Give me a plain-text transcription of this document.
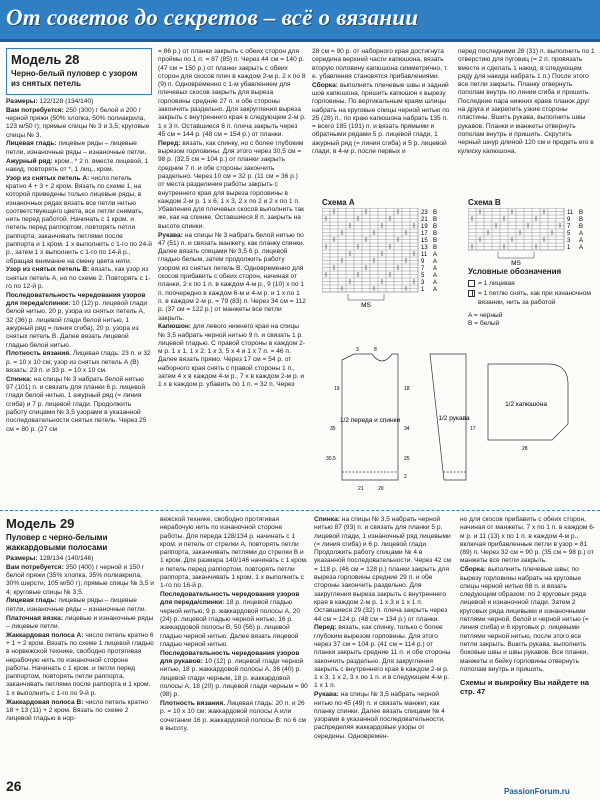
От советов до секретов – всё о вязании
Модель 28
Черно-белый пуловер с узором из снятых петель

Размеры: 122/128 (134/140)

Вам потребуется: 250 (300) г белой и 200 г черной пряжи (50% хлопка, 50% полиакрила, 123 м/50 г); прямые спицы № 3 и 3,5; круговые спицы № 3.

Лицевая гладь: лицевые ряды – лицевые петли, изнаночные ряды – изнаночные петли.

Ажурный ряд: кром., * 2 п. вместе лицевой, 1 накид, повторять от *, 1 лиц., кром.

Узор из снятых петель А: число петель кратно 4 + 3 + 2 кром. Вязать по схеме 1, на которой приведены только лицевые ряды, в изнаночных рядах вязать все петли нитью соответствующего цвета, все петли снимать, нить перед работой. Начинать с 1 кром. и петель перед раппортом, повторять петли раппорта, заканчивать петлями после раппорта и 1 кром. 1 х выполнить с 1-го по 24-й р., затем 1 х выполнить с 1-го по 14-й р., обращая внимание на смену цвета нити.

Узор из снятых петель В: вязать, как узор из снятых петель А, но по схеме 2. Повторять с 1-го по 12-й р.

Последовательность чередования узоров для переда/спинки: 10 (12) р. лицевой глади белой нитью, 20 р. узора из снятых петель А, 32 (36) р. лицевой глади белой нитью, 1 ажурный ряд = линия сгиба), 20 р. узора из снятых петель В. Далее вязать лицевой гладью белой нитью.

Плотность вязания. Лицевая гладь: 23 п. и 32 р. = 10 х 10 см; узор из снятых петель А (В) вязать: 23 п. и 33 р. = 10 х 10 см.

Спинка: на спицы № 3 набрать белой нитью 97 (101) п. и связать для планки 6 р. лицевой глади белой нитью, 1 ажурный ряд (= линия сгиба) и 7 р. лицевой глади. Продолжить работу спицами № 3,5 узорами в указанной последовательности снятых петель. Через 25 см = 80 р. (27 см

= 86 р.) от планки закрыть с обеих сторон для проймы по 1 п. = 87 (85) п. Через 44 см = 140 р. (47 см = 150 р.) от планки закрыть с обеих сторон для скосов плеч в каждом 2-м р. 2 х по 8 (9) п. Одновременно с 1-м убавлением для плечевых скосов закрыть для выреза горловины средние 27 п. и обе стороны закончить раздельно. Для закругления выреза закрыть с внутреннего края в следующем 2-м р. 1 х 3 п. Оставшиеся 8 п. плеча закрыть через 45 см = 144 р. (48 см = 154 р.) от планки.

Перед: вязать, как спинку, но с более глубоким вырезом горловины. Для этого через 30,5 см = 98 р. (32,5 см = 104 р.) от планки закрыть средние 7 п. и обе стороны закончить раздельно. Через 10 см = 32 р. (11 см = 36 р.) от места разделения работы закрыть с внутреннего края для выреза горловины в каждом 2-м р. 1 х 6, 1 х 3, 2 х по 2 и 2 х по 1 п. Убавления для плечевых скосов выполнить так же, как на спинке. Оставшиеся 8 п. закрыть на высоте спинки.

Рукава: на спицы № 3 набрать белой нитью по 47 (51) п. и связать манжету, как планку спинки. Далее вязать спицами № 3,5 6 р. лицевой гладью белым, затем продолжить работу узором из снятых петель В. Одновременно для скосов прибавить с обеих сторон, начиная от планки, 2 х по 1 п. в каждом 4-м р., 9 (10) х по 1 п. поочередно в каждом 6-м и 4-м р. и 1 х по 1 п. в каждом 2-м р. = 79 (83) п. Через 34 см = 112 р. (37 см = 122 р.) от манжеты все петли закрыть.

Капюшон: для левого нижнего края на спицы № 3,5 набрать черной нитью 9 п. и связать 1 р. лицевой гладью. С правой стороны в каждом 2-м р. 1 х 1, 1 х 2, 1 х 3, 5 х 4 и 1 х 7 п. = 46 п. Далее вязать прямо. Через 17 см = 54 р. от наборного края снять с правой стороны 1 п., затем 4 х в каждом 4-м р., 7 х в каждом 2-м р. и 1 х в каждом р. убавить по 1 п. = 32 п. Через

28 см = 90 р. от наборного края достигнута середина верхней части капюшона, вязать вторую половину капюшона симметрично, т. е. убавления становятся прибавлениями.

Сборка: выполнить плечевые швы и задний шов капюшона, пришить капюшон к вырезу горловины. По вертикальным краям шлицы набрать на круговые спицы черной нитью по 25 (28) п., по краю капюшона набрать 135 п. = всего 185 (191) п. и вязать прямыми и обратными рядами 5 р. лицевой глади, 1 ажурный ряд (= линия сгиба) и 5 р. лицевой глади, в 4-м р. после первых и

перед последними 28 (31) п. выполнить по 1 отверстию для пуговиц (= 2 п. провязать вместе и сделать 1 накид, в следующем ряду для накида набрать 1 п.) После этого все петли закрыть. Планку отвернуть пополам внутрь по линии сгиба и пришить. Последние пара нижних краев планок друг на друга и закрепить узкие стороны пластины. Вшить рукава, выполнить швы рукавов. Планки и манжеты отвернуть пополам внутрь и пришить. Скрутить черный шнур длиной 120 см и продеть его в кулиску капюшона.

Схема А	Схема В
23 B
21 B
19 B
17 B
15 B
13 B
11 A
9 A
7 A
5 A
3 A
1 A
MS
11 B
9 B
7 B
5 A
3 A
1 A
MS
Условные обозначения
= 1 лицевая
= 1 петлю снять, как при изнаночном вязании, нить за работой
A = черный
B = белый
1/2 переда и спинки
3
19	18
8
35	34
21	20
30,5	25
2
1/2 рукава
17
1/2 капюшона
28
Модель 29
Пуловер с черно-белыми жаккардовыми полосами

Размеры: 128/134 (140/146)

Вам потребуется: 350 (400) г черной и 150 г белой пряжи (35% хлопка, 35% полиакрила, 30% шерсти, 105 м/50 г); прямые спицы № 3,5 и 4; круговые спицы № 3,5.

Лицевая гладь: лицевые ряды – лицевые петли, изнаночные ряды – изнаночные петли.

Платочная вязка: лицевые и изнаночные ряды – лицевые петли.

Жаккардовая полоса А: число петель кратно 6 + 1 + 2 кром. Вязать по схеме 1 лицевой гладью в норвежской технике, свободно протягивая нерабочую нить по изнаночной стороне работы. Начинать с 1 кром. и петли перед раппортом, повторять петли раппорта, заканчивать петлями после раппорта и 1 кром. 1 х выполнить с 1-го по 9-й р.

Жаккардовая полоса В: число петель кратно 18 + 13 (11) + 2 кром. Вязать по схеме 2 лицевой гладью в нор-

вежской технике, свободно протягивая нерабочую нить по изнаночной стороне работы. Для переда 128/134 р. начинать с 1 кром. и петель от стрелки А, повторять петли раппорта, заканчивать петлями до стрелки В и 1 кром. Для размера 140/146 начинать с 1 кром. и петель перед раппортом, повторять петли раппорта, заканчивать 1 кром. 1 х выполнить с 1-го по 16-й р.

Последовательность чередования узоров для переда/спинки: 18 р. лицевой гладью черной нитью, 9 р. жаккардовой полосы А, 20 (24) р. лицевой гладью черной нитью, 16 р. жаккардовой полосы В, 50 (56) р. лицевой гладью черной нитью. Далее вязать лицевой гладью черной нитью.

Последовательность чередования узоров для рукавов: 10 (12) р. лицевой глади черной нитью, 18 р. жаккардовой полосы А, 36 (40) р. лицевой глади черным, 18 р. жаккардовой полосы А, 18 (20) р. лицевой глади черным = 90 (98) р.

Плотность вязания. Лицевая гладь: 20 п. и 26 р. = 10 х 10 см; жаккардовой полосы А или сочетании 16 р. жаккардовой полосы В: по 6 см в высоту.

Спинка: на спицы № 3,5 набрать черной нитью 87 (93) п. и связать для планки 5 р. лицевой глади, 1 изнаночный ряд лицевыми (= линия сгиба) и 6 р. лицевой глади. Продолжить работу спицами № 4 в указанной последовательности. Через 42 см = 118 р. (46 см = 128 р.) планки закрыть для выреза горловины средние 29 п. и обе стороны закончить раздельно. Для закругления выреза закрыть с внутреннего края в каждом 2-м р. 1 х 3 и 1 х 1 п. Оставшиеся 29 (32) п. плеча закрыть через 44 см = 124 р. (48 см = 134 р.) от планки.

Перед: вязать, как спинку, только с более глубоким вырезом горловины. Для этого через 37 см = 104 р. (41 см = 114 р.) от планки закрыть средние 11 п. и обе стороны закончить раздельно. Для закругления закрыть с внутреннего края в каждом 2-м р. 1 х 3, 1 х 2, 3 х по 1 п. и в следующем 4-м р. 1 х 1 п.

Рукава: на спицы № 3,5 набрать черной нитью по 45 (49) п. и связать манжет, как планку спинки. Далее вязать спицами № 4 узорами в указанной последовательности, распределяя жаккардовые узоры от середины. Одновремен-

но для скосов прибавить с обеих сторон, начиная от манжеты, 7 х по 1 п. в каждом 6-м р. и 11 (13) х по 1 п. в каждом 4-м р., включая прибавленные петли в узор = 81 (89) п. Через 32 см = 90 р. (35 см = 98 р.) от манжеты все петли закрыть.

Сборка: выполнить плечевые швы; по вырезу горловины набрать на круговые спицы черной нитью 88 п. и вязать следующим образом: по 2 круговых ряда лицевой и изнаночной глади. Затем 2 круговых ряда лицевыми и изнаночными петлями черной, белой и черной нитью (= линия сгиба) и 6 круговых р. лицевыми петлями черной нитью, после этого все петли закрыть. Вшить рукава, выполнить боковые швы и швы рукавов. Все планки, манжеты и бейку горловины отвернуть пополам внутрь и пришить.

Схемы и выкройку Вы найдете на стр. 47

26	PassionForum.ru
